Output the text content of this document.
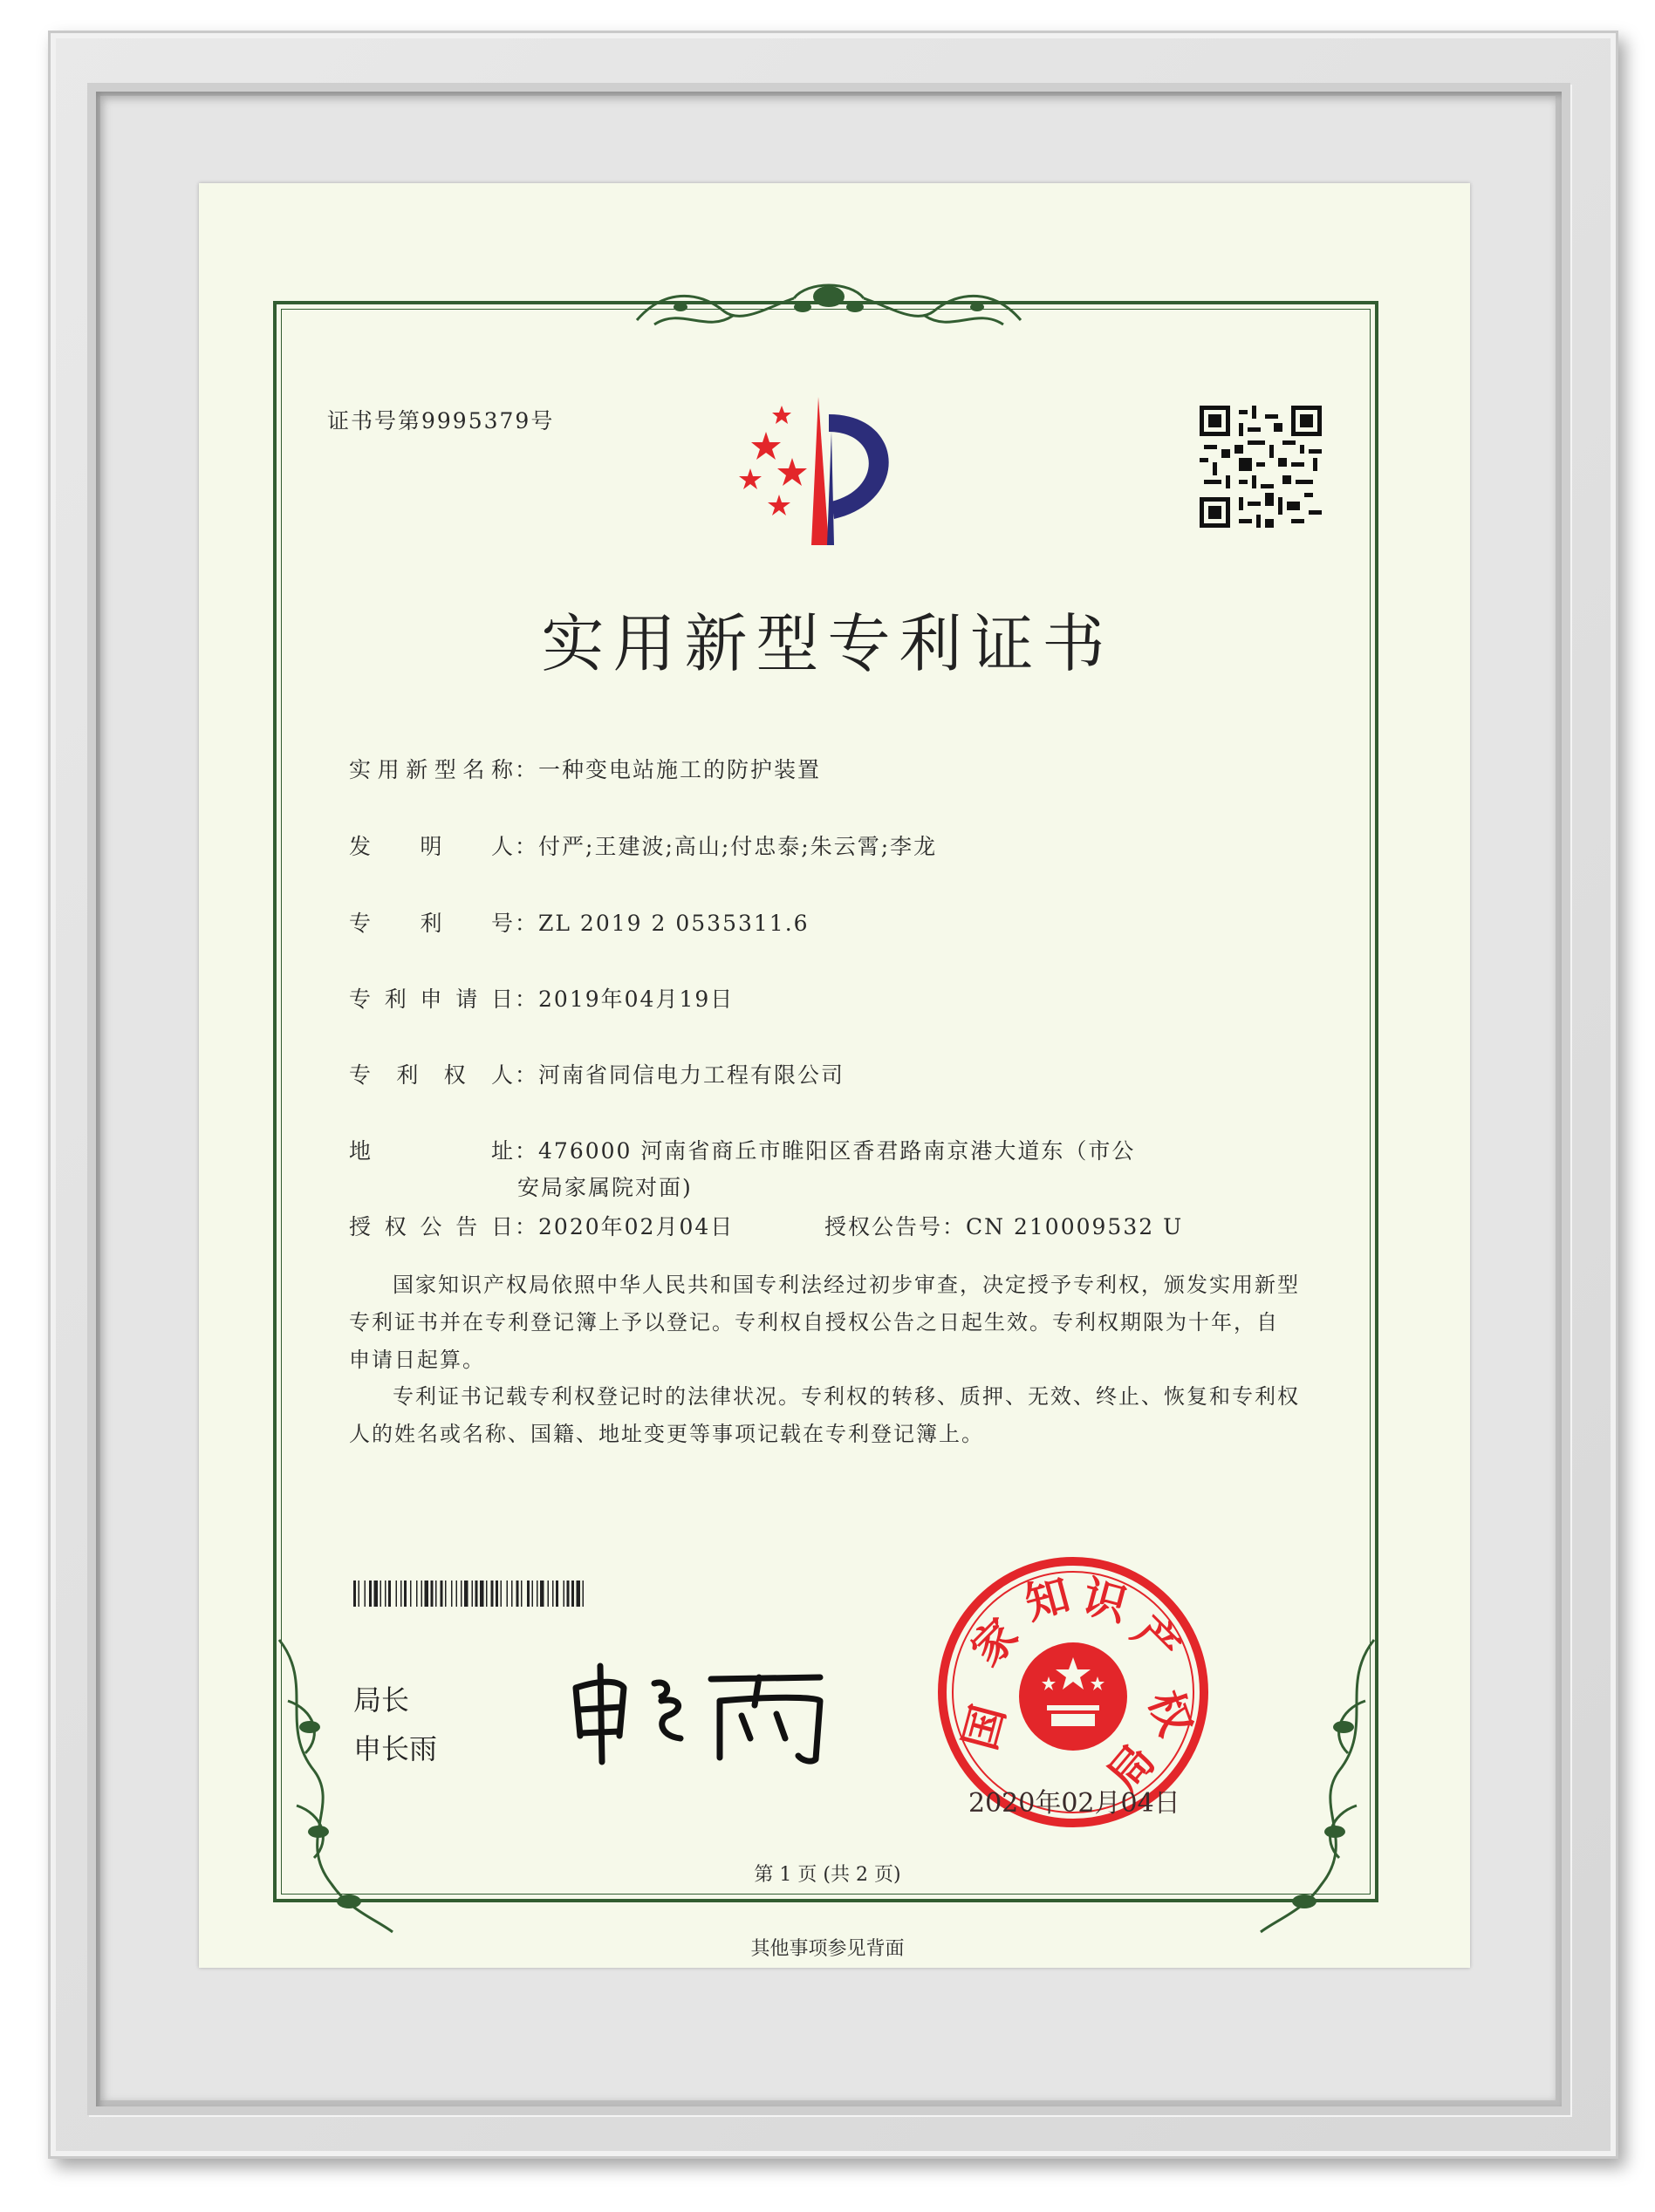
证书号第9995379号
实用新型专利证书
实用新型名称：一种变电站施工的防护装置
发明人：付严;王建波;高山;付忠泰;朱云霄;李龙
专利号：ZL 2019 2 0535311.6
专利申请日：2019年04月19日
专利权人：河南省同信电力工程有限公司
地址：476000 河南省商丘市睢阳区香君路南京港大道东（市公
安局家属院对面)
授权公告日：2020年02月04日	授权公告号：CN 210009532 U
国家知识产权局依照中华人民共和国专利法经过初步审查，决定授予专利权，颁发实用新型专利证书并在专利登记簿上予以登记。专利权自授权公告之日起生效。专利权期限为十年，自申请日起算。
专利证书记载专利权登记时的法律状况。专利权的转移、质押、无效、终止、恢复和专利权人的姓名或名称、国籍、地址变更等事项记载在专利登记簿上。
局长
申长雨	国
家
知 识
产
权
局
2020年02月04日
第 1 页 (共 2 页)
其他事项参见背面
